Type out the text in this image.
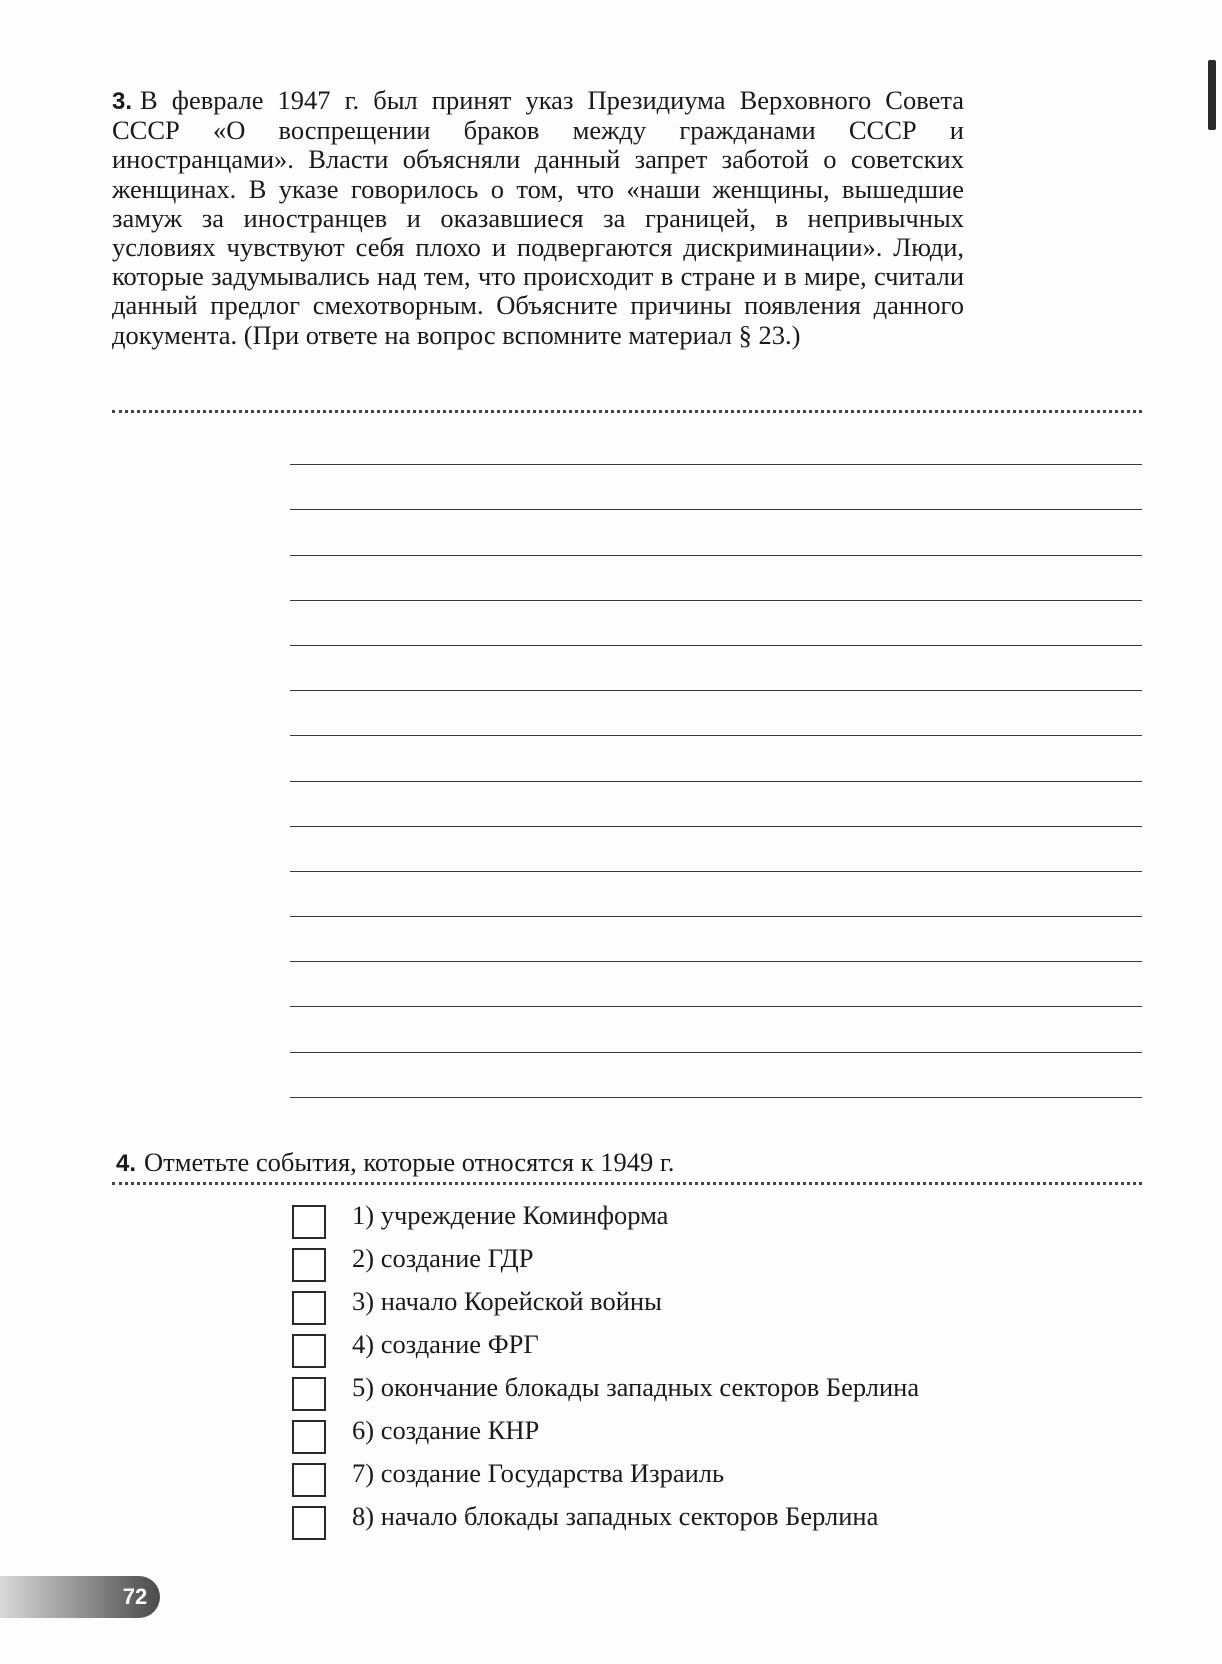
3. В феврале 1947 г. был принят указ Президиума Верховного Совета СССР «О воспрещении браков между гражданами СССР и иностранцами». Власти объясняли данный запрет заботой о советских женщинах. В указе говорилось о том, что «наши женщины, вышедшие замуж за иностранцев и оказавшиеся за границей, в непривычных условиях чувствуют себя плохо и подвергаются дискриминации». Люди, которые задумывались над тем, что происходит в стране и в мире, считали данный предлог смехотворным. Объясните причины появления данного документа. (При ответе на вопрос вспомните материал § 23.)

4. Отметьте события, которые относятся к 1949 г.
1) учреждение Коминформа
2) создание ГДР
3) начало Корейской войны
4) создание ФРГ
5) окончание блокады западных секторов Берлина
6) создание КНР
7) создание Государства Израиль
8) начало блокады западных секторов Берлина
72
